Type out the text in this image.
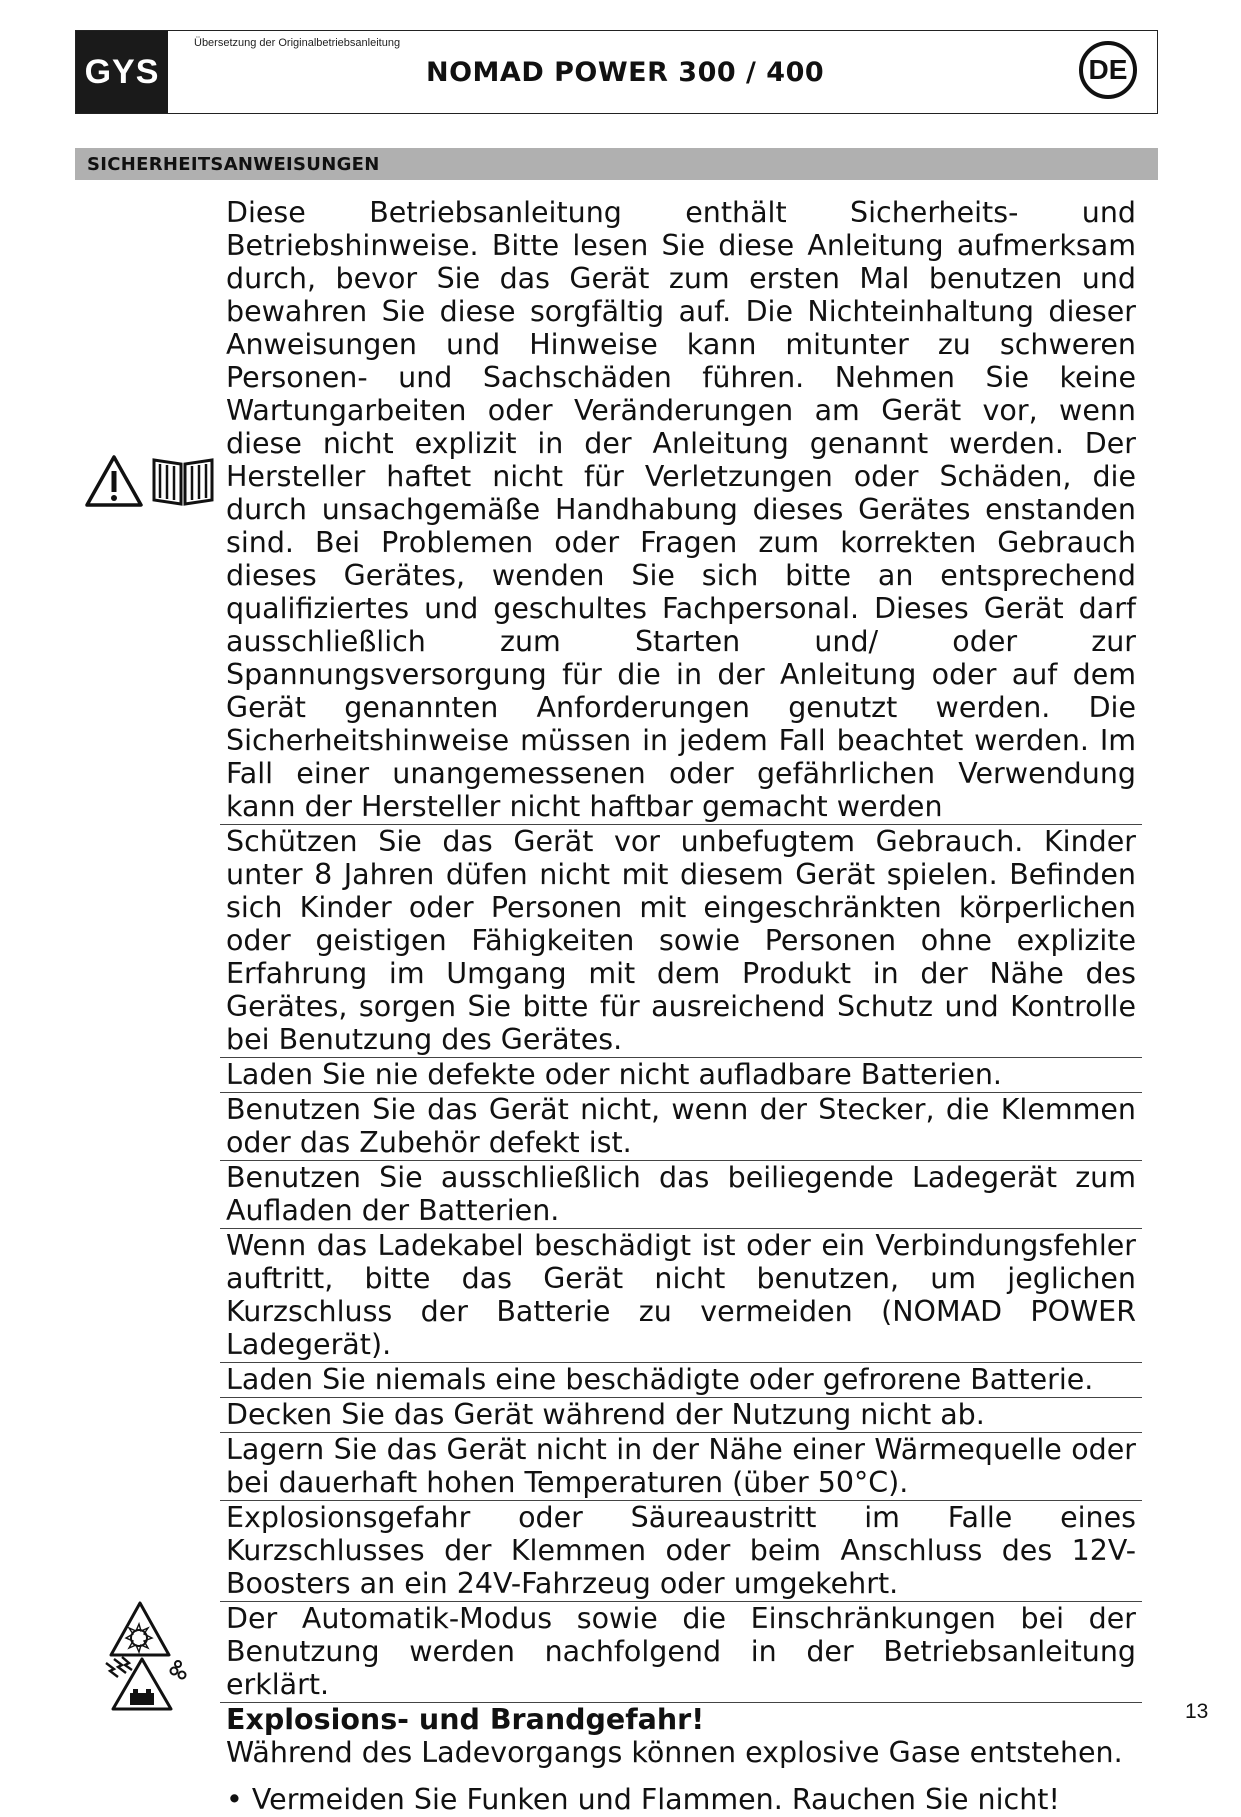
GYS
Übersetzung der Originalbetriebsanleitung
NOMAD POWER 300 / 400	DE
SICHERHEITSANWEISUNGEN
Diese Betriebsanleitung enthält Sicherheits- und Betriebshinweise. Bitte lesen Sie diese Anleitung aufmerksam durch, bevor Sie das Gerät zum ersten Mal benutzen und bewahren Sie diese sorgfältig auf. Die Nichteinhaltung dieser Anweisungen und Hinweise kann mitunter zu schweren Personen- und Sachschäden führen. Nehmen Sie keine Wartungarbeiten oder Veränderungen am Gerät vor, wenn diese nicht explizit in der Anleitung genannt werden. Der Hersteller haftet nicht für Verletzungen oder Schäden, die durch unsachgemäße Handhabung dieses Gerätes enstanden sind. Bei Problemen oder Fragen zum korrekten Gebrauch dieses Gerätes, wenden Sie sich bitte an entsprechend qualifiziertes und geschultes Fachpersonal. Dieses Gerät darf ausschließlich zum Starten und/ oder zur Spannungsversorgung für die in der Anleitung oder auf dem Gerät genannten Anforderungen genutzt werden. Die Sicherheitshinweise müssen in jedem Fall beachtet werden. Im Fall einer unangemessenen oder gefährlichen Verwendung kann der Hersteller nicht haftbar gemacht werden
Schützen Sie das Gerät vor unbefugtem Gebrauch. Kinder unter 8 Jahren düfen nicht mit diesem Gerät spielen. Befinden sich Kinder oder Personen mit eingeschränkten körperlichen oder geistigen Fähigkeiten sowie Personen ohne explizite Erfahrung im Umgang mit dem Produkt in der Nähe des Gerätes, sorgen Sie bitte für ausreichend Schutz und Kontrolle bei Benutzung des Gerätes.
Laden Sie nie defekte oder nicht aufladbare Batterien.
Benutzen Sie das Gerät nicht, wenn der Stecker, die Klemmen oder das Zubehör defekt ist.
Benutzen Sie ausschließlich das beiliegende Ladegerät zum Aufladen der Batterien.
Wenn das Ladekabel beschädigt ist oder ein Verbindungsfehler auftritt, bitte das Gerät nicht benutzen, um jeglichen Kurzschluss der Batterie zu vermeiden (NOMAD POWER Ladegerät).
Laden Sie niemals eine beschädigte oder gefrorene Batterie.
Decken Sie das Gerät während der Nutzung nicht ab.
Lagern Sie das Gerät nicht in der Nähe einer Wärmequelle oder bei dauerhaft hohen Temperaturen (über 50°C).
Explosionsgefahr oder Säureaustritt im Falle eines Kurzschlusses der Klemmen oder beim Anschluss des 12V-Boosters an ein 24V-Fahrzeug oder umgekehrt.
Der Automatik-Modus sowie die Einschränkungen bei der Benutzung werden nachfolgend in der Betriebsanleitung erklärt.
Explosions- und Brandgefahr!

Während des Ladevorgangs können explosive Gase entstehen.

• Vermeiden Sie Funken und Flammen. Rauchen Sie nicht!

13
